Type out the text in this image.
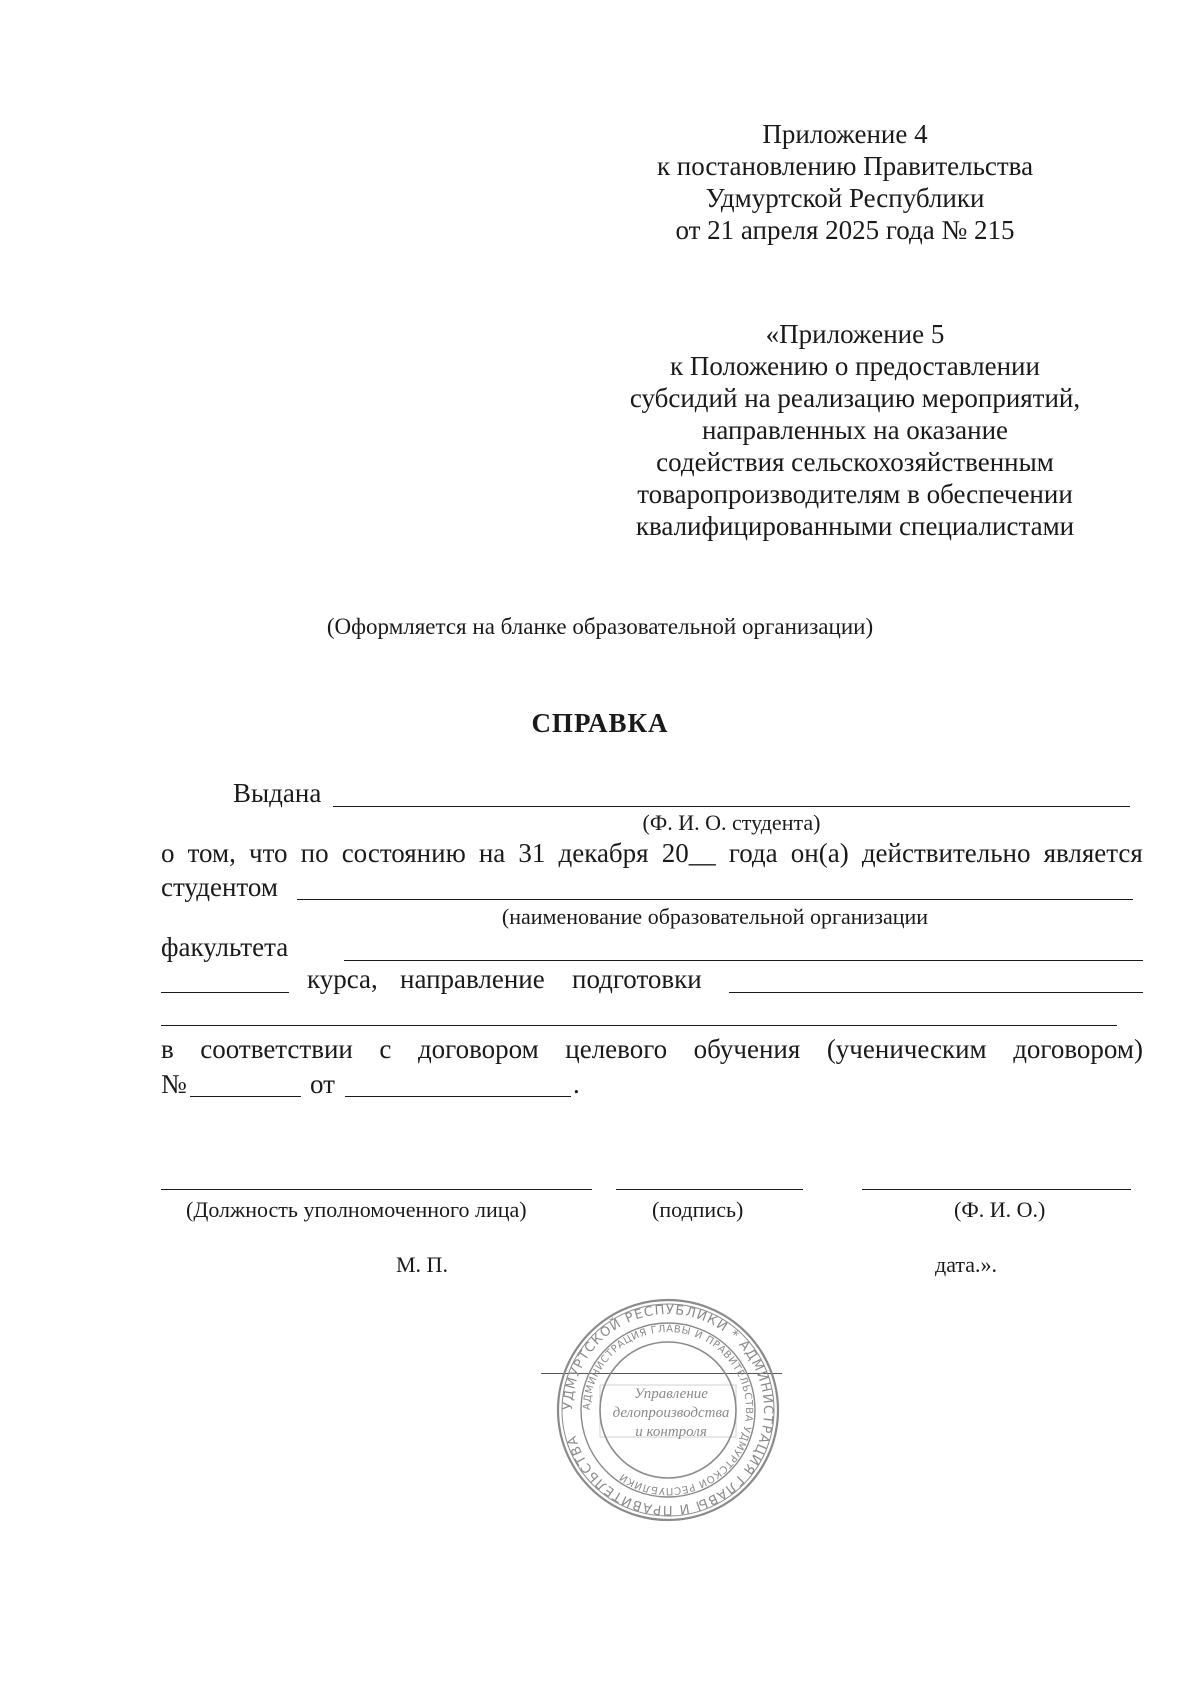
Приложение 4
к постановлению Правительства
Удмуртской Республики
от 21 апреля 2025 года № 215
«Приложение 5
к Положению о предоставлении
субсидий на реализацию мероприятий,
направленных на оказание
содействия сельскохозяйственным
товаропроизводителям в обеспечении
квалифицированными специалистами
(Оформляется на бланке образовательной организации)
СПРАВКА
Выдана
(Ф. И. О. студента)
о том, что по состоянию на 31 декабря 20__ года он(а) действительно является
студентом
(наименование образовательной организации
факультета
курса, направление подготовки
в соответствии с договором целевого обучения (ученическим договором)
№	от	.
(Должность уполномоченного лица)	(подпись)	(Ф. И. О.)
М. П.	дата.».
УДМУРТСКОЙ РЕСПУБЛИКИ * АДМИНИСТРАЦИЯ ГЛАВЫ И ПРАВИТЕЛЬСТВА
АДМИНИСТРАЦИЯ ГЛАВЫ И ПРАВИТЕЛЬСТВА УДМУРТСКОЙ РЕСПУБЛИКИ
Управление
делопроизводства
и контроля
